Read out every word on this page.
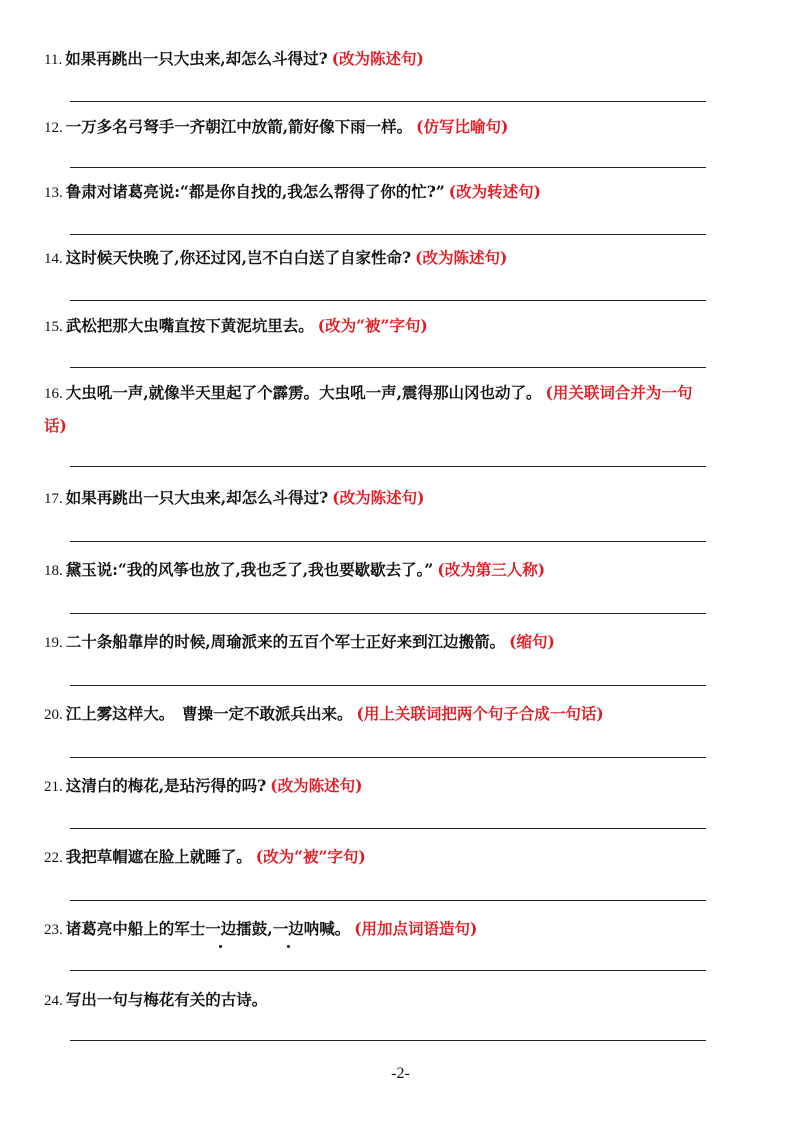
11. 如果再跳出一只大虫来,却怎么斗得过? (改为陈述句)
12. 一万多名弓弩手一齐朝江中放箭,箭好像下雨一样。 (仿写比喻句)
13. 鲁肃对诸葛亮说:“都是你自找的,我怎么帮得了你的忙?” (改为转述句)
14. 这时候天快晚了,你还过冈,岂不白白送了自家性命? (改为陈述句)
15. 武松把那大虫嘴直按下黄泥坑里去。 (改为“被”字句)
16. 大虫吼一声,就像半天里起了个霹雳。大虫吼一声,震得那山冈也动了。 (用关联词合并为一句话)
17. 如果再跳出一只大虫来,却怎么斗得过? (改为陈述句)
18. 黛玉说:“我的风筝也放了,我也乏了,我也要歇歇去了。” (改为第三人称)
19. 二十条船靠岸的时候,周瑜派来的五百个军士正好来到江边搬箭。 (缩句)
20. 江上雾这样大。　曹操一定不敢派兵出来。 (用上关联词把两个句子合成一句话)
21. 这清白的梅花,是玷污得的吗? (改为陈述句)
22. 我把草帽遮在脸上就睡了。 (改为“被”字句)
23. 诸葛亮中船上的军士一边擂鼓,一边呐喊。 (用加点词语造句)
24. 写出一句与梅花有关的古诗。
-2-
